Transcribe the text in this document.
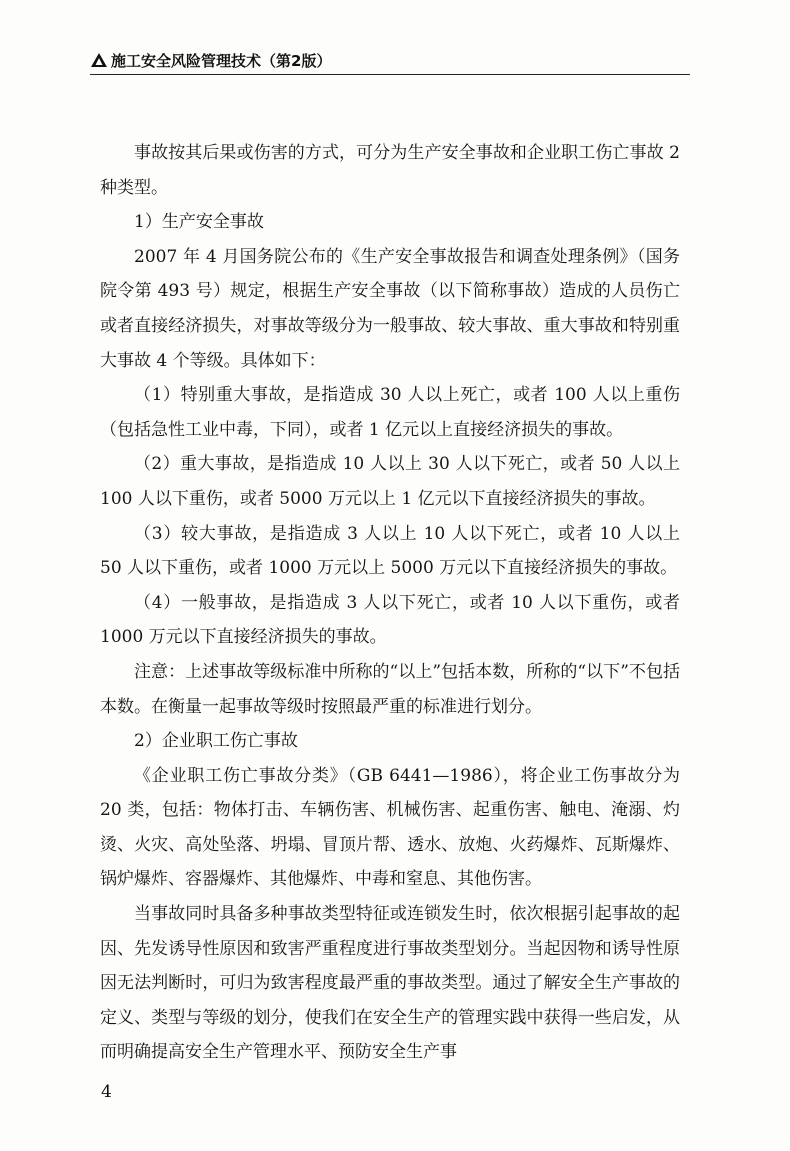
施工安全风险管理技术（第2版）

事故按其后果或伤害的方式，可分为生产安全事故和企业职工伤亡事故 2 种类型。

1）生产安全事故

2007 年 4 月国务院公布的《生产安全事故报告和调查处理条例》（国务院令第 493 号）规定，根据生产安全事故（以下简称事故）造成的人员伤亡或者直接经济损失，对事故等级分为一般事故、较大事故、重大事故和特别重大事故 4 个等级。具体如下：

（1）特别重大事故，是指造成 30 人以上死亡，或者 100 人以上重伤（包括急性工业中毒，下同），或者 1 亿元以上直接经济损失的事故。

（2）重大事故，是指造成 10 人以上 30 人以下死亡，或者 50 人以上 100 人以下重伤，或者 5000 万元以上 1 亿元以下直接经济损失的事故。

（3）较大事故，是指造成 3 人以上 10 人以下死亡，或者 10 人以上 50 人以下重伤，或者 1000 万元以上 5000 万元以下直接经济损失的事故。

（4）一般事故，是指造成 3 人以下死亡，或者 10 人以下重伤，或者 1000 万元以下直接经济损失的事故。

注意：上述事故等级标准中所称的“以上”包括本数，所称的“以下”不包括本数。在衡量一起事故等级时按照最严重的标准进行划分。

2）企业职工伤亡事故

《企业职工伤亡事故分类》（GB 6441—1986），将企业工伤事故分为 20 类，包括：物体打击、车辆伤害、机械伤害、起重伤害、触电、淹溺、灼烫、火灾、高处坠落、坍塌、冒顶片帮、透水、放炮、火药爆炸、瓦斯爆炸、锅炉爆炸、容器爆炸、其他爆炸、中毒和窒息、其他伤害。

当事故同时具备多种事故类型特征或连锁发生时，依次根据引起事故的起因、先发诱导性原因和致害严重程度进行事故类型划分。当起因物和诱导性原因无法判断时，可归为致害程度最严重的事故类型。通过了解安全生产事故的定义、类型与等级的划分，使我们在安全生产的管理实践中获得一些启发，从而明确提高安全生产管理水平、预防安全生产事

4
